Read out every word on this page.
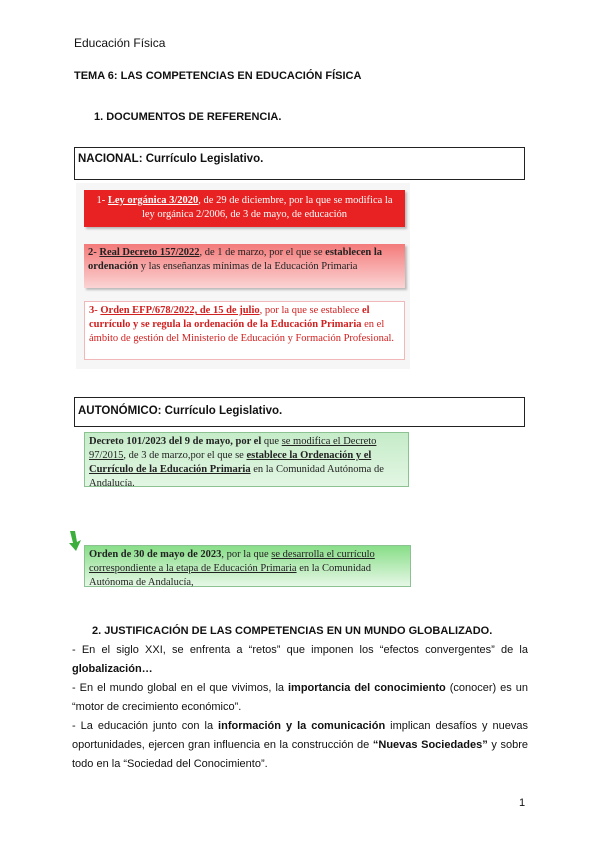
Educación Física
TEMA 6: LAS COMPETENCIAS EN EDUCACIÓN FÍSICA
1. DOCUMENTOS DE REFERENCIA.
NACIONAL: Currículo Legislativo.
1- Ley orgánica 3/2020, de 29 de diciembre, por la que se modifica la ley orgánica 2/2006, de 3 de mayo, de educación
2- Real Decreto 157/2022, de 1 de marzo, por el que se establecen la ordenación y las enseñanzas mínimas de la Educación Primaria
3- Orden EFP/678/2022, de 15 de julio, por la que se establece el currículo y se regula la ordenación de la Educación Primaria en el ámbito de gestión del Ministerio de Educación y Formación Profesional.
AUTONÓMICO: Currículo Legislativo.
Decreto 101/2023 del 9 de mayo, por el que se modifica el Decreto 97/2015, de 3 de marzo,por el que se establece la Ordenación y el Currículo de la Educación Primaria en la Comunidad Autónoma de Andalucía.
Orden de 30 de mayo de 2023, por la que se desarrolla el currículo correspondiente a la etapa de Educación Primaria en la Comunidad Autónoma de Andalucía,
2. JUSTIFICACIÓN DE LAS COMPETENCIAS EN UN MUNDO GLOBALIZADO.
- En el siglo XXI, se enfrenta a “retos” que imponen los “efectos convergentes” de la globalización…
- En el mundo global en el que vivimos, la importancia del conocimiento (conocer) es un “motor de crecimiento económico”.
- La educación junto con la información y la comunicación implican desafíos y nuevas oportunidades, ejercen gran influencia en la construcción de “Nuevas Sociedades” y sobre todo en la “Sociedad del Conocimiento”.
1
